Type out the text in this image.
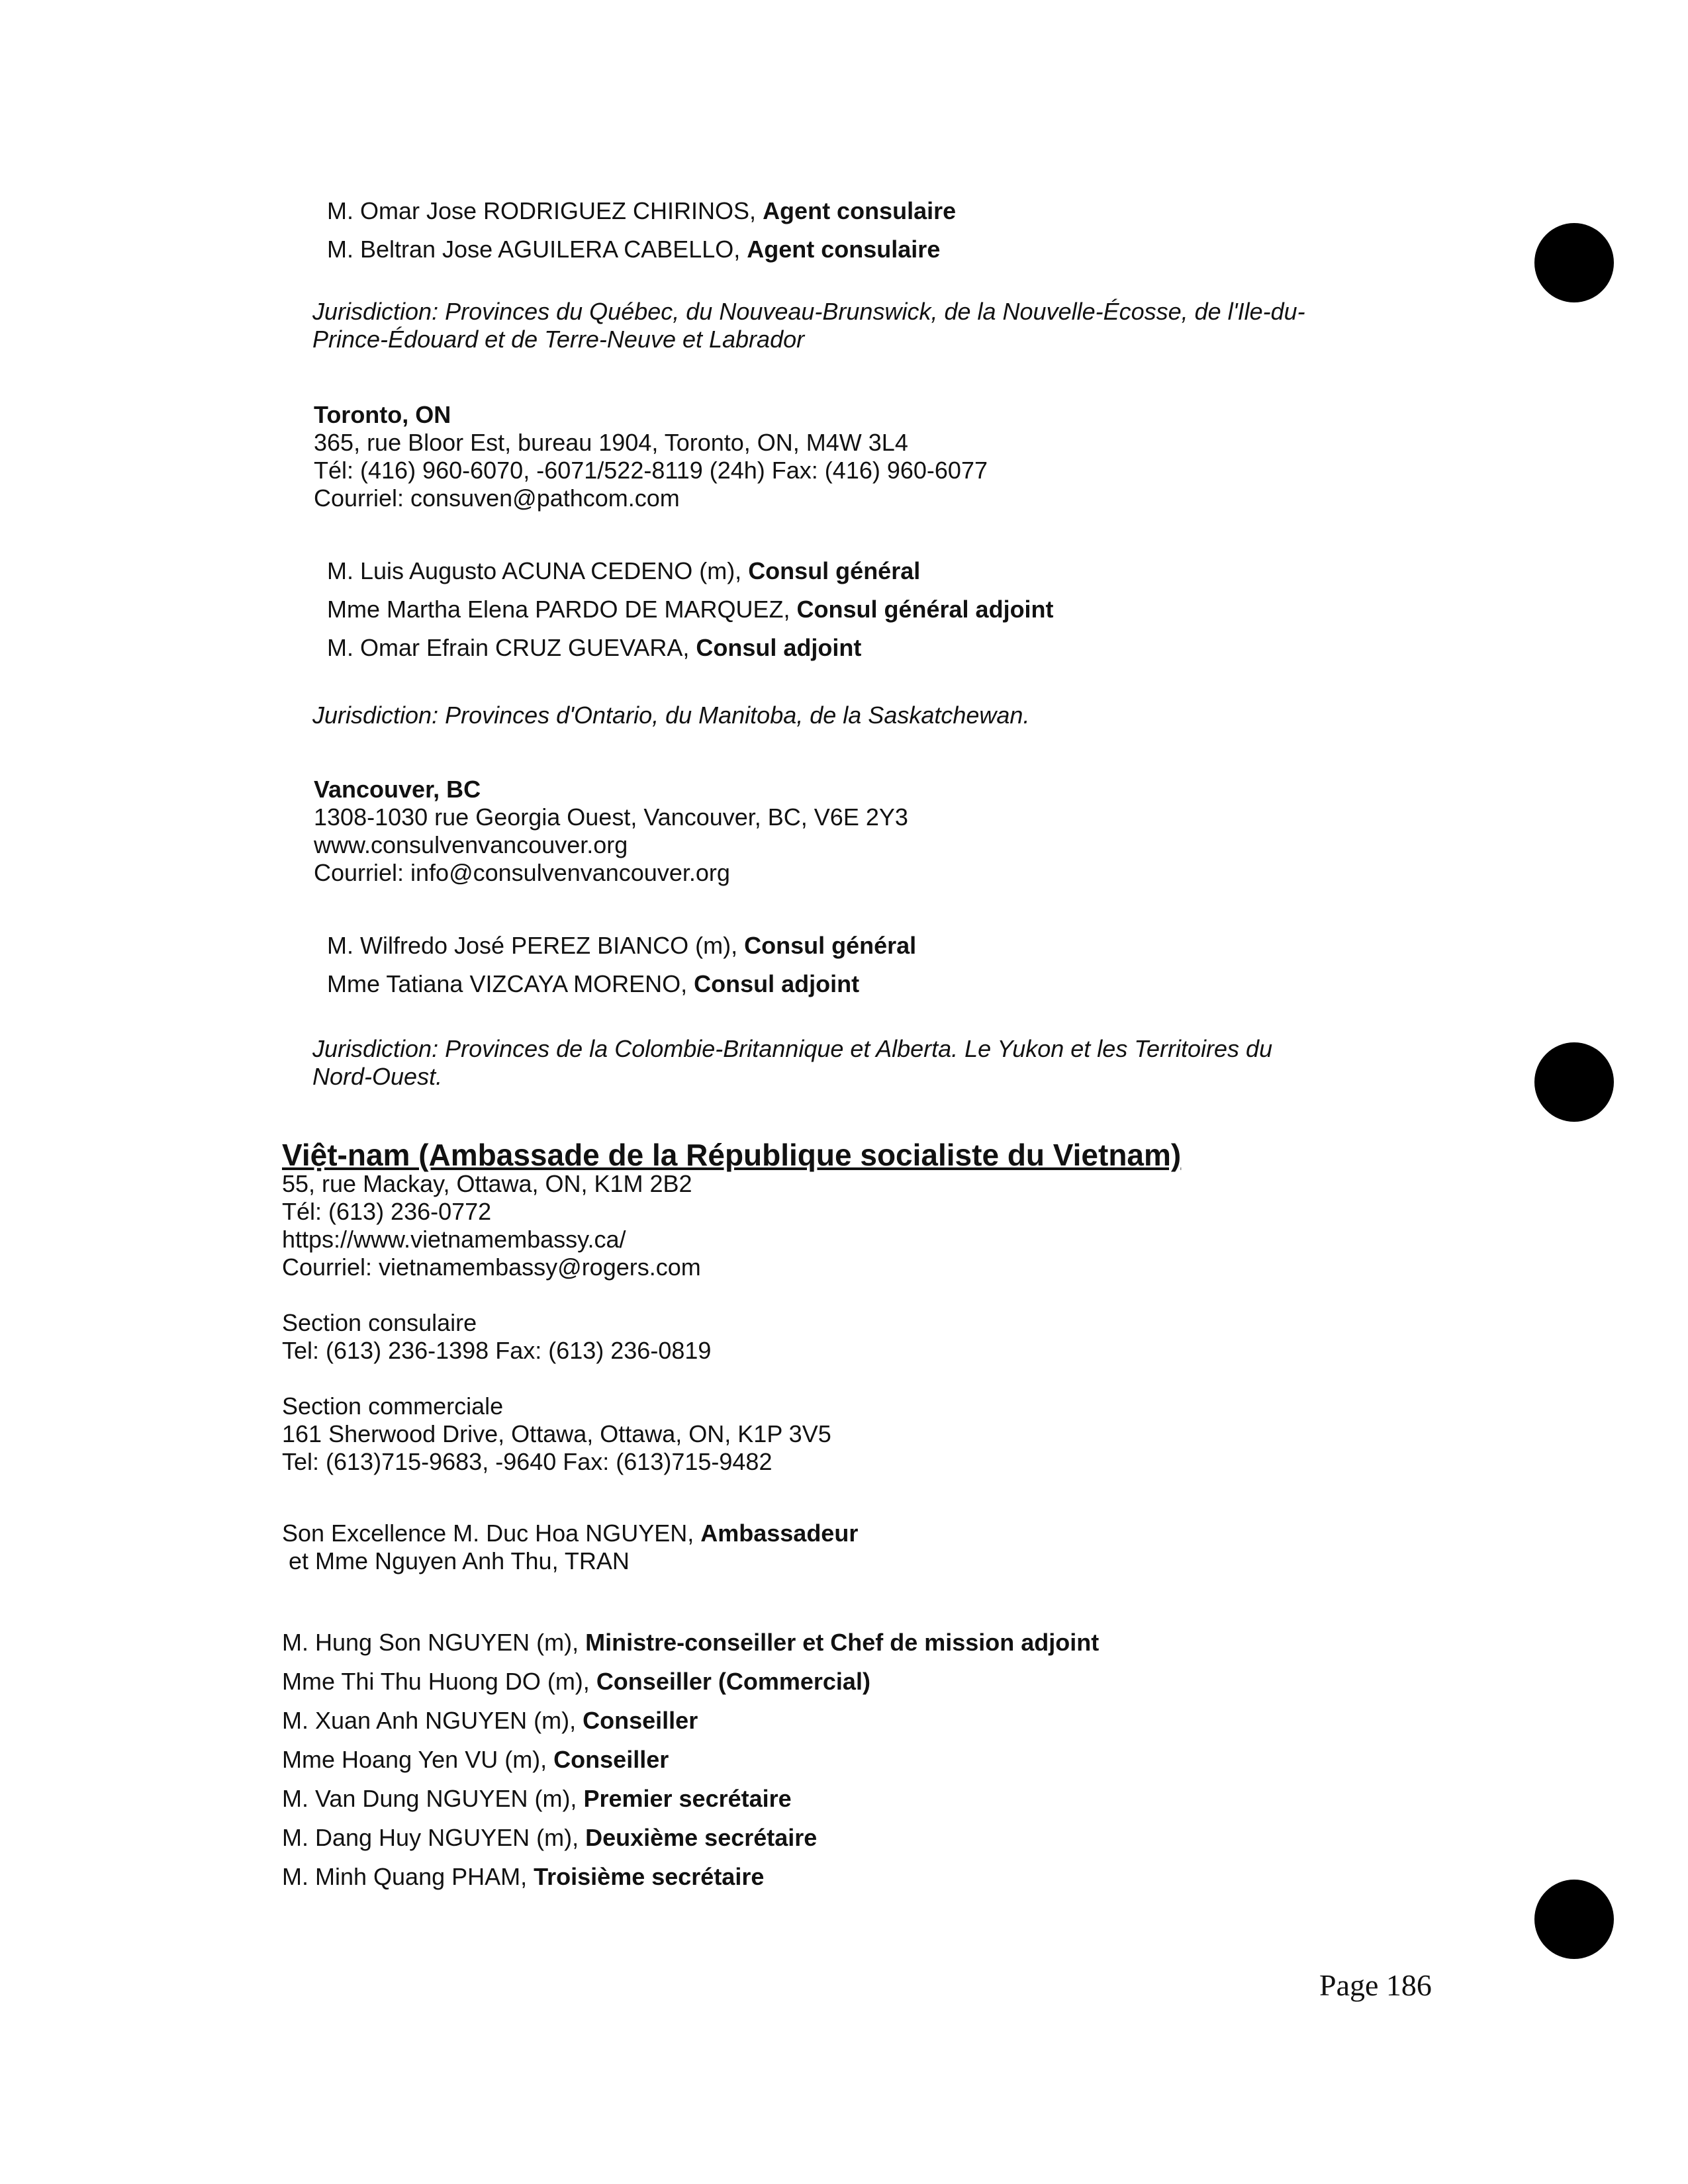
M. Omar Jose RODRIGUEZ CHIRINOS, Agent consulaire
M. Beltran Jose AGUILERA CABELLO, Agent consulaire
Jurisdiction: Provinces du Québec, du Nouveau-Brunswick, de la Nouvelle-Écosse, de l'Ile-du-
Prince-Édouard et de Terre-Neuve et Labrador
Toronto, ON
365, rue Bloor Est, bureau 1904, Toronto, ON, M4W 3L4
Tél: (416) 960-6070, -6071/522-8119 (24h) Fax: (416) 960-6077
Courriel: consuven@pathcom.com
M. Luis Augusto ACUNA CEDENO (m), Consul général
Mme Martha Elena PARDO DE MARQUEZ, Consul général adjoint
M. Omar Efrain CRUZ GUEVARA, Consul adjoint
Jurisdiction: Provinces d'Ontario, du Manitoba, de la Saskatchewan.
Vancouver, BC
1308-1030 rue Georgia Ouest, Vancouver, BC, V6E 2Y3
www.consulvenvancouver.org
Courriel: info@consulvenvancouver.org
M. Wilfredo José PEREZ BIANCO (m), Consul général
Mme Tatiana VIZCAYA MORENO, Consul adjoint
Jurisdiction: Provinces de la Colombie-Britannique et Alberta. Le Yukon et les Territoires du
Nord-Ouest.
Việt-nam (Ambassade de la République socialiste du Vietnam)
55, rue Mackay, Ottawa, ON, K1M 2B2
Tél: (613) 236-0772
https://www.vietnamembassy.ca/
Courriel: vietnamembassy@rogers.com
Section consulaire
Tel: (613) 236-1398 Fax: (613) 236-0819
Section commerciale
161 Sherwood Drive, Ottawa, Ottawa, ON, K1P 3V5
Tel: (613)715-9683, -9640 Fax: (613)715-9482
Son Excellence M. Duc Hoa NGUYEN, Ambassadeur
et Mme Nguyen Anh Thu, TRAN
M. Hung Son NGUYEN (m), Ministre-conseiller et Chef de mission adjoint
Mme Thi Thu Huong DO (m), Conseiller (Commercial)
M. Xuan Anh NGUYEN (m), Conseiller
Mme Hoang Yen VU (m), Conseiller
M. Van Dung NGUYEN (m), Premier secrétaire
M. Dang Huy NGUYEN (m), Deuxième secrétaire
M. Minh Quang PHAM, Troisième secrétaire
Page 186
